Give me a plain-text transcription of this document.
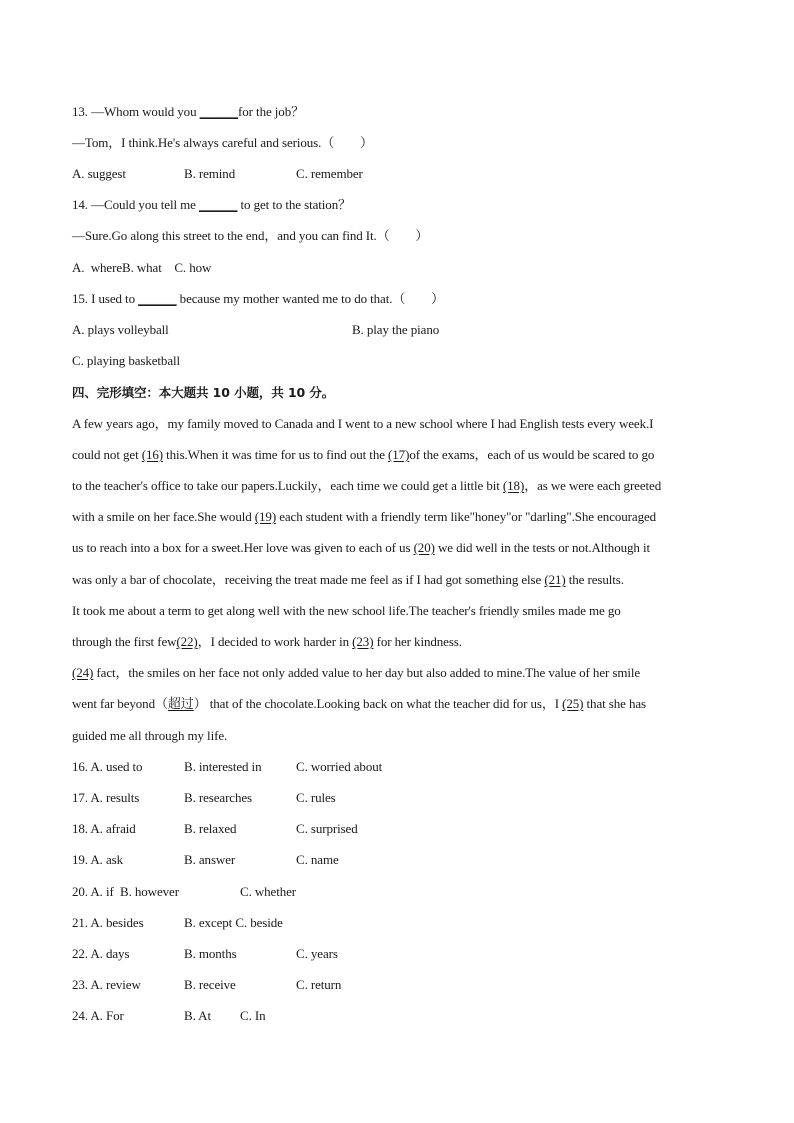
13. —Whom would you ______for the job？
—Tom，I think.He's always careful and serious.（　　）
A. suggest	B. remind	C. remember
14. —Could you tell me ______ to get to the station？
—Sure.Go along this street to the end，and you can find It.（　　）
A.  whereB. what    C. how
15. I used to ______ because my mother wanted me to do that.（　　）
A. plays volleyball	B. play the piano
C. playing basketball
四、完形填空：本大题共 10 小题，共 10 分。
A few years ago，my family moved to Canada and I went to a new school where I had English tests every week.I
could not get (16) this.When it was time for us to find out the (17)of the exams，each of us would be scared to go
to the teacher's office to take our papers.Luckily，each time we could get a little bit (18)，as we were each greeted
with a smile on her face.She would (19) each student with a friendly term like"honey"or "darling".She encouraged
us to reach into a box for a sweet.Her love was given to each of us (20) we did well in the tests or not.Although it
was only a bar of chocolate，receiving the treat made me feel as if I had got something else (21) the results.
It took me about a term to get along well with the new school life.The teacher's friendly smiles made me go
through the first few(22)，I decided to work harder in (23) for her kindness.
(24) fact，the smiles on her face not only added value to her day but also added to mine.The value of her smile
went far beyond（超过） that of the chocolate.Looking back on what the teacher did for us，I (25) that she has
guided me all through my life.
16. A. used to	B. interested in	C. worried about
17. A. results	B. researches	C. rules
18. A. afraid	B. relaxed	C. surprised
19. A. ask	B. answer	C. name
20. A. if  B. however	C. whether
21. A. besides	B. except C. beside
22. A. days	B. months	C. years
23. A. review	B. receive	C. return
24. A. For	B. At C. In
